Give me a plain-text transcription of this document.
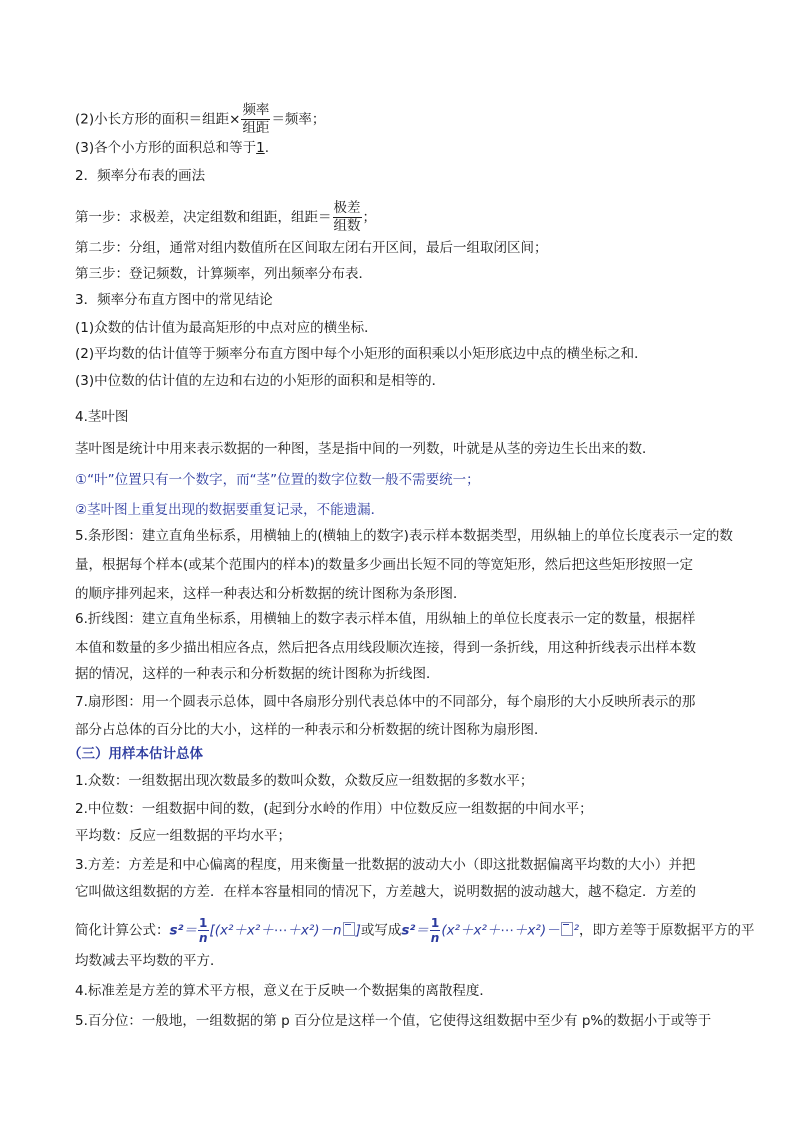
(2)小长方形的面积＝组距× $\frac{\text{频率}}{\text{组距}}$ ＝频率；
(3)各个小方形的面积总和等于1.
2．频率分布表的画法
第一步：求极差，决定组数和组距，组距＝ $\frac{\text{极差}}{\text{组数}}$ ；
第二步：分组，通常对组内数值所在区间取左闭右开区间，最后一组取闭区间；
第三步：登记频数，计算频率，列出频率分布表．
3．频率分布直方图中的常见结论
(1)众数的估计值为最高矩形的中点对应的横坐标．
(2)平均数的估计值等于频率分布直方图中每个小矩形的面积乘以小矩形底边中点的横坐标之和．
(3)中位数的估计值的左边和右边的小矩形的面积和是相等的．
4.茎叶图
茎叶图是统计中用来表示数据的一种图，茎是指中间的一列数，叶就是从茎的旁边生长出来的数．
①“叶”位置只有一个数字，而“茎”位置的数字位数一般不需要统一；
②茎叶图上重复出现的数据要重复记录，不能遗漏．
5.条形图：建立直角坐标系，用横轴上的(横轴上的数字)表示样本数据类型，用纵轴上的单位长度表示一定的数
量，根据每个样本(或某个范围内的样本)的数量多少画出长短不同的等宽矩形，然后把这些矩形按照一定
的顺序排列起来，这样一种表达和分析数据的统计图称为条形图．
6.折线图：建立直角坐标系，用横轴上的数字表示样本值，用纵轴上的单位长度表示一定的数量，根据样
本值和数量的多少描出相应各点，然后把各点用线段顺次连接，得到一条折线，用这种折线表示出样本数
据的情况，这样的一种表示和分析数据的统计图称为折线图．
7.扇形图：用一个圆表示总体，圆中各扇形分别代表总体中的不同部分，每个扇形的大小反映所表示的那
部分占总体的百分比的大小，这样的一种表示和分析数据的统计图称为扇形图．
（三）用样本估计总体
1.众数：一组数据出现次数最多的数叫众数，众数反应一组数据的多数水平；
2.中位数：一组数据中间的数，(起到分水岭的作用）中位数反应一组数据的中间水平；
平均数：反应一组数据的平均水平；
3.方差：方差是和中心偏离的程度，用来衡量一批数据的波动大小（即这批数据偏离平均数的大小）并把
它叫做这组数据的方差．在样本容量相同的情况下，方差越大，说明数据的波动越大，越不稳定．方差的
简化计算公式：$s^2= \frac{1}{n}$ [(x²＋x²＋⋯＋x²)－n ]或写成$s^2= \frac{1}{n}$ (x²＋x²＋⋯＋x²)－ ²，即方差等于原数据平方的平
均数减去平均数的平方．
4.标准差是方差的算术平方根，意义在于反映一个数据集的离散程度．
5.百分位：一般地，一组数据的第 p 百分位是这样一个值，它使得这组数据中至少有 p%的数据小于或等于
